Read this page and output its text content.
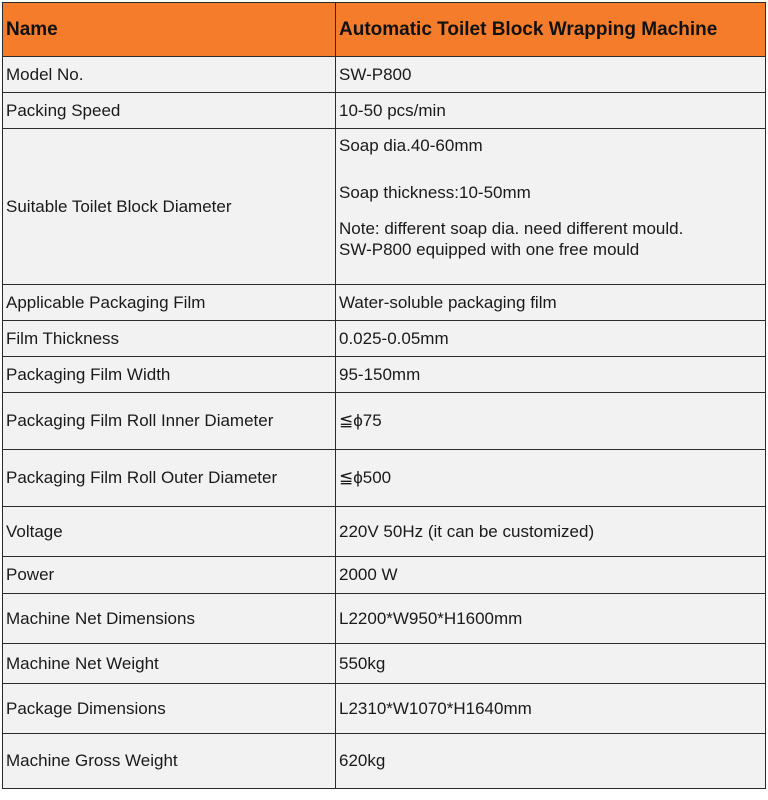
Name	Automatic Toilet Block Wrapping Machine
Model No.	SW-P800
Packing Speed	10-50 pcs/min
Suitable Toilet Block Diameter	Soap dia.40-60mm
Soap thickness:10-50mm
Note: different soap dia. need different mould.
SW-P800 equipped with one free mould

Applicable Packaging Film	Water-soluble packaging film
Film Thickness	0.025-0.05mm
Packaging Film Width	95-150mm
Packaging Film Roll Inner Diameter	≦ϕ75
Packaging Film Roll Outer Diameter	≦ϕ500
Voltage	220V 50Hz (it can be customized)
Power	2000 W
Machine Net Dimensions	L2200*W950*H1600mm
Machine Net Weight	550kg
Package Dimensions	L2310*W1070*H1640mm
Machine Gross Weight	620kg
